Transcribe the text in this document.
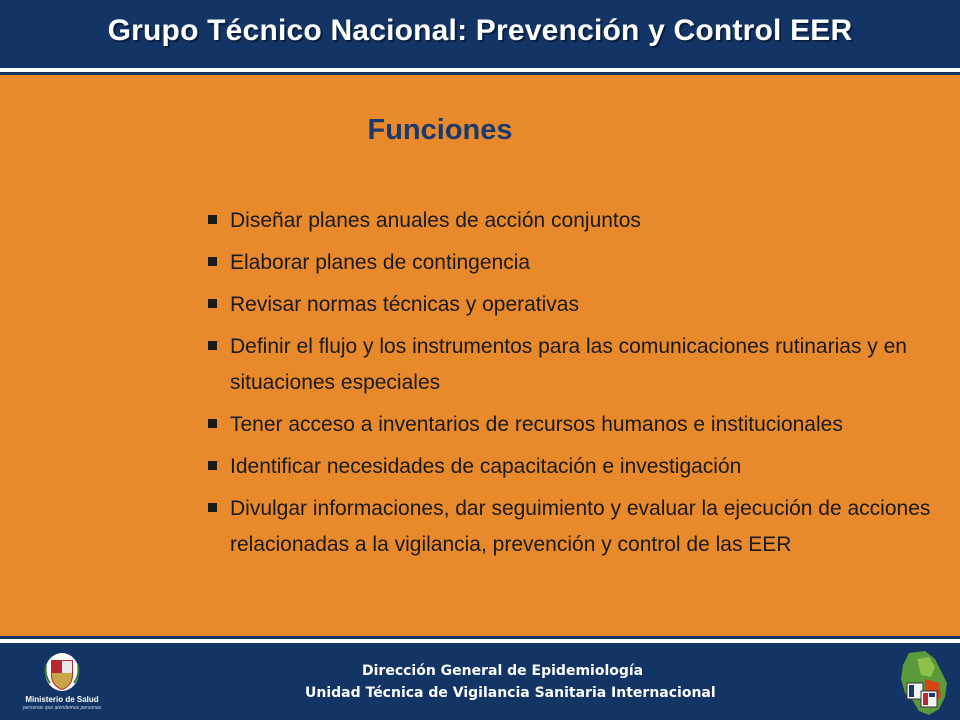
Grupo Técnico Nacional: Prevención y Control EER
Funciones
Diseñar planes anuales de acción conjuntos
Elaborar planes de contingencia
Revisar normas técnicas y operativas
Definir el flujo y los instrumentos para las comunicaciones rutinarias y en situaciones especiales
Tener acceso a inventarios de recursos humanos e institucionales
Identificar necesidades de capacitación e investigación
Divulgar informaciones, dar seguimiento y evaluar la ejecución de acciones relacionadas a la vigilancia, prevención y control de las EER
Ministerio de Salud
personas que atendemos personas
Dirección General de Epidemiología
Unidad Técnica de Vigilancia Sanitaria Internacional
